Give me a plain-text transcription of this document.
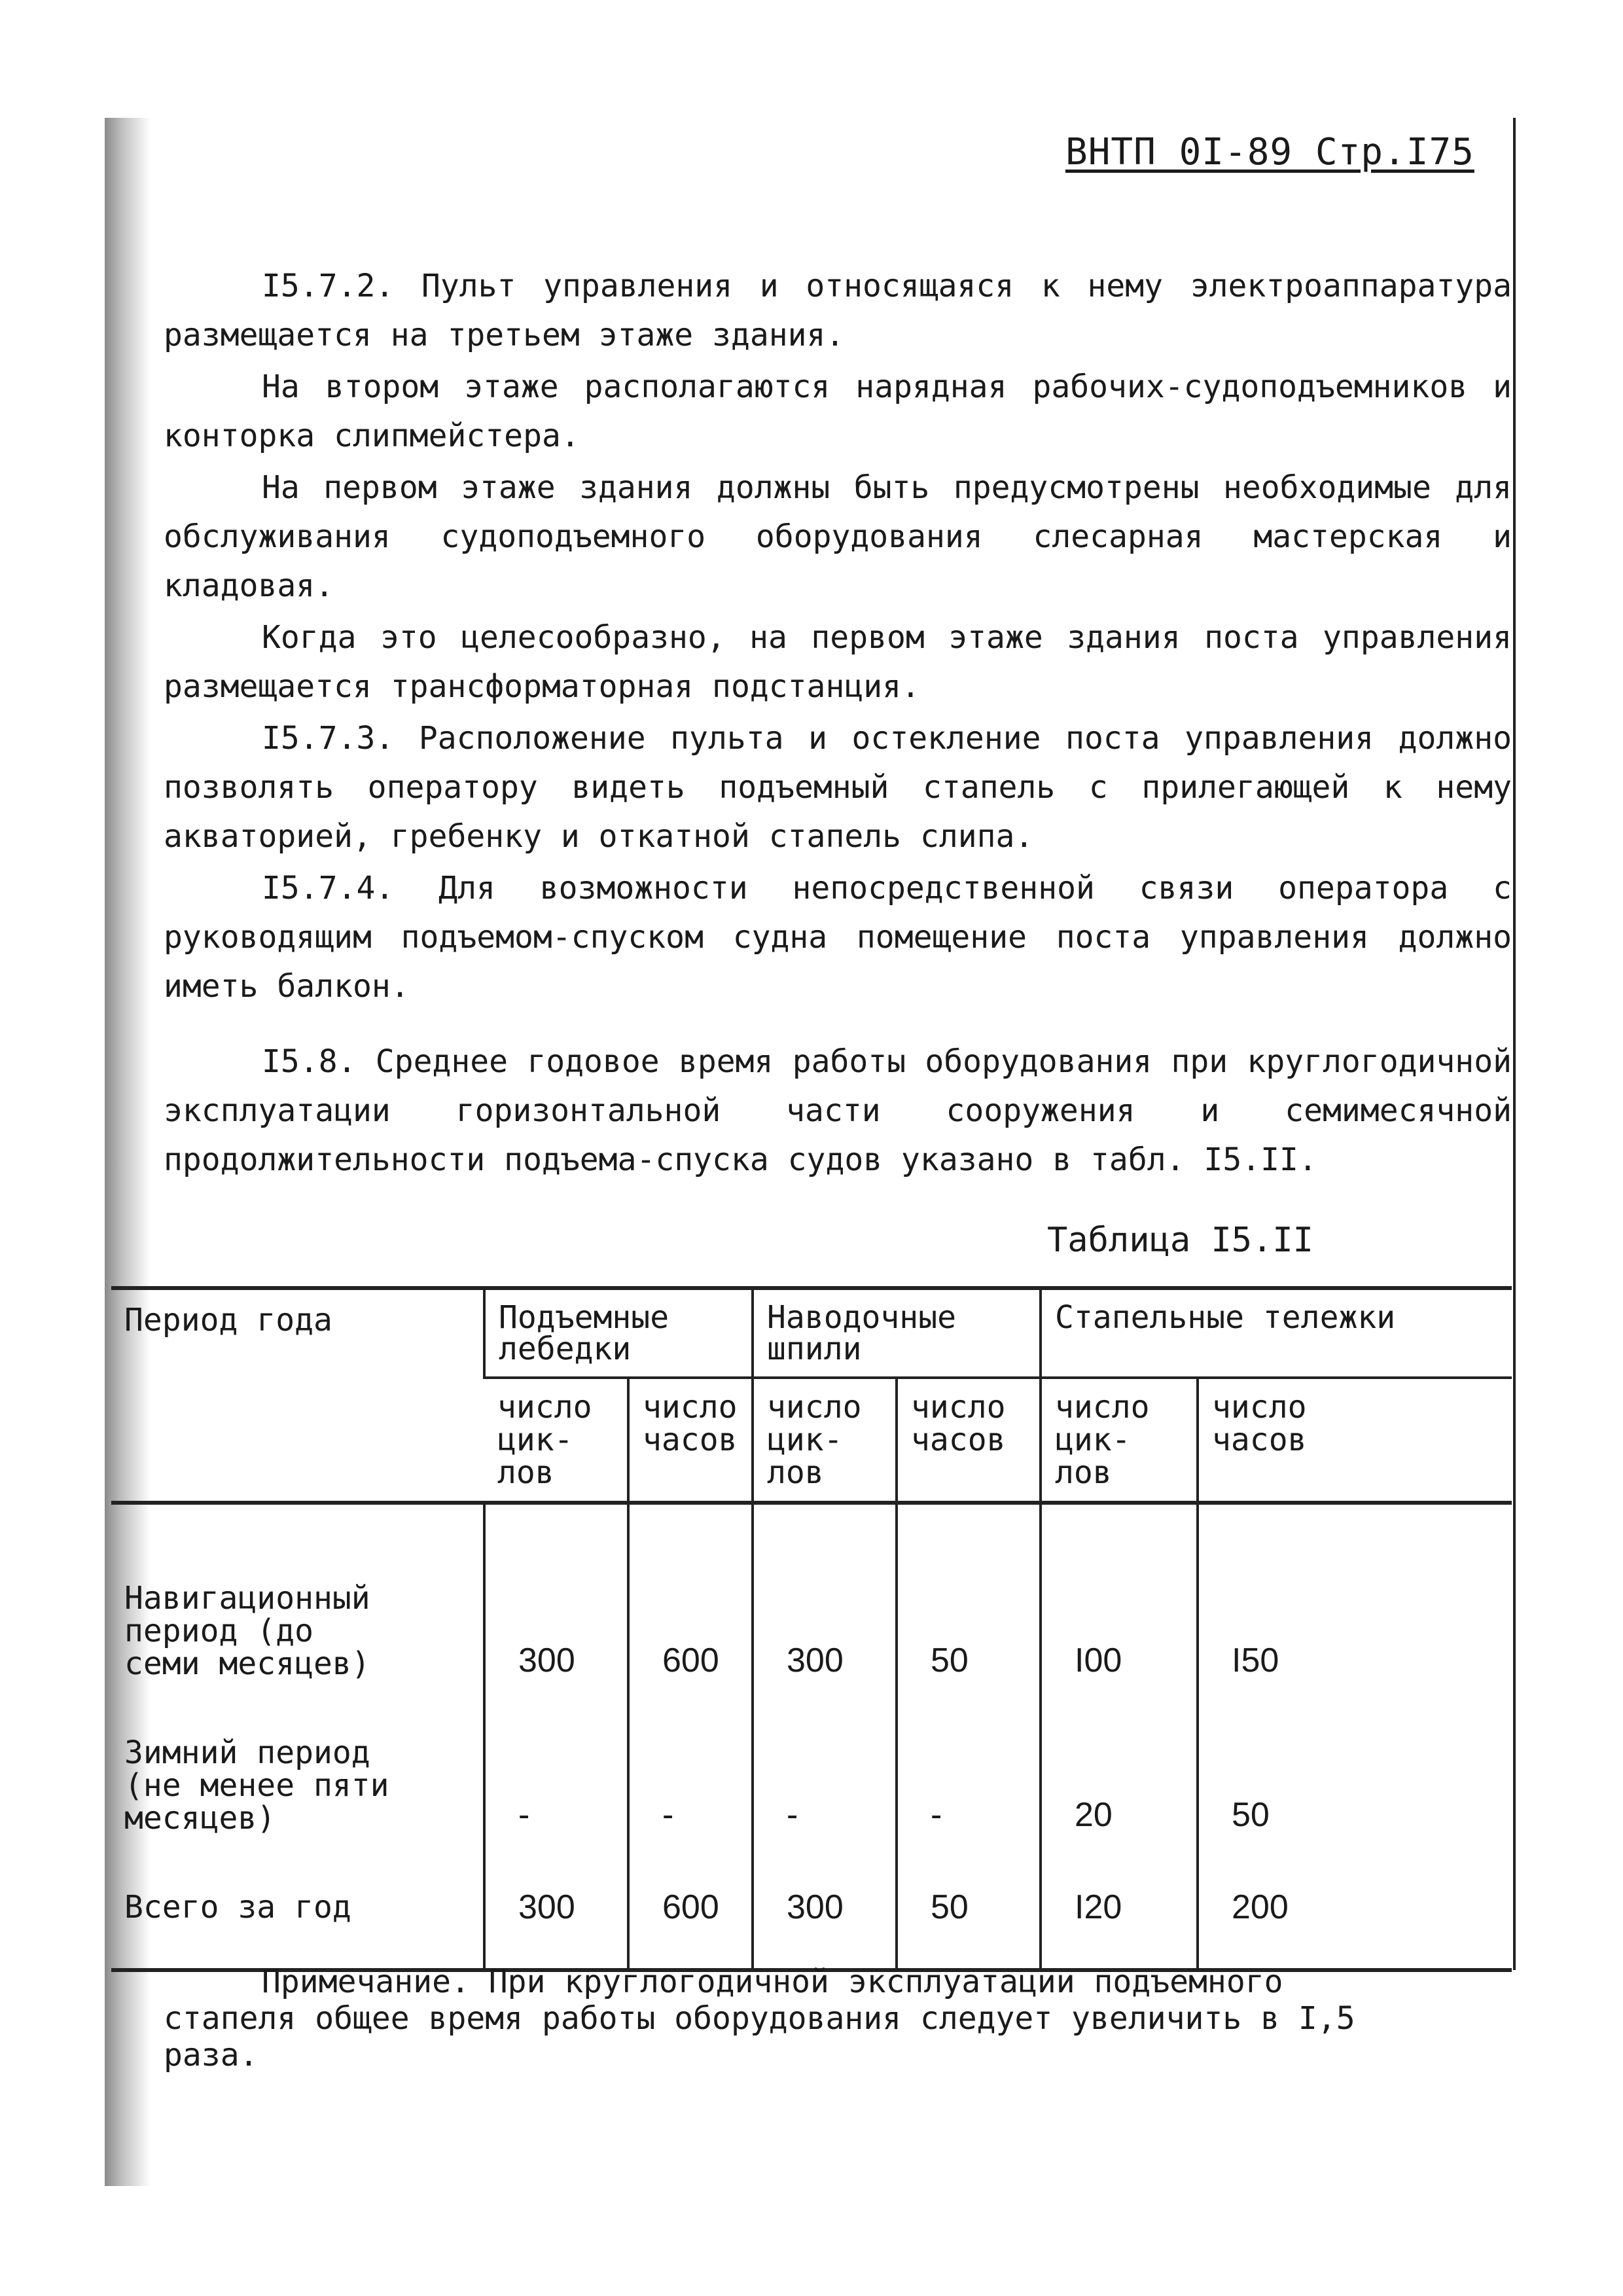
ВНТП 0I-89 Стр.I75

I5.7.2. Пульт управления и относящаяся к нему электроаппаратура размещается на третьем этаже здания.

На втором этаже располагаются нарядная рабочих-судоподъемников и конторка слипмейстера.

На первом этаже здания должны быть предусмотрены необходимые для обслуживания судоподъемного оборудования слесарная мастерская и кладовая.

Когда это целесообразно, на первом этаже здания поста управления размещается трансформаторная подстанция.

I5.7.3. Расположение пульта и остекление поста управления должно позволять оператору видеть подъемный стапель с прилегающей к нему акваторией, гребенку и откатной стапель слипа.

I5.7.4. Для возможности непосредственной связи оператора с руководящим подъемом-спуском судна помещение поста управления должно иметь балкон.

I5.8. Среднее годовое время работы оборудования при круглогодичной эксплуатации горизонтальной части сооружения и семимесячной продолжительности подъема-спуска судов указано в табл. I5.II.

Таблица I5.II
Период года	Подъемные лебедки		Наводочные шпили		Стапельные тележки	

	число
цик-
лов	число
часов	число
цик-
лов	число
часов	число
цик-
лов	число
часов

Навигационный
период (до
семи месяцев)	300	600	300	50	I00	I50
Зимний период
(не менее пяти
месяцев)	-	-	-	-	20	50
Всего за год	300	600	300	50	I20	200

Примечание. При круглогодичной эксплуатации подъемного стапеля общее время работы оборудования следует увеличить в I,5 раза.
